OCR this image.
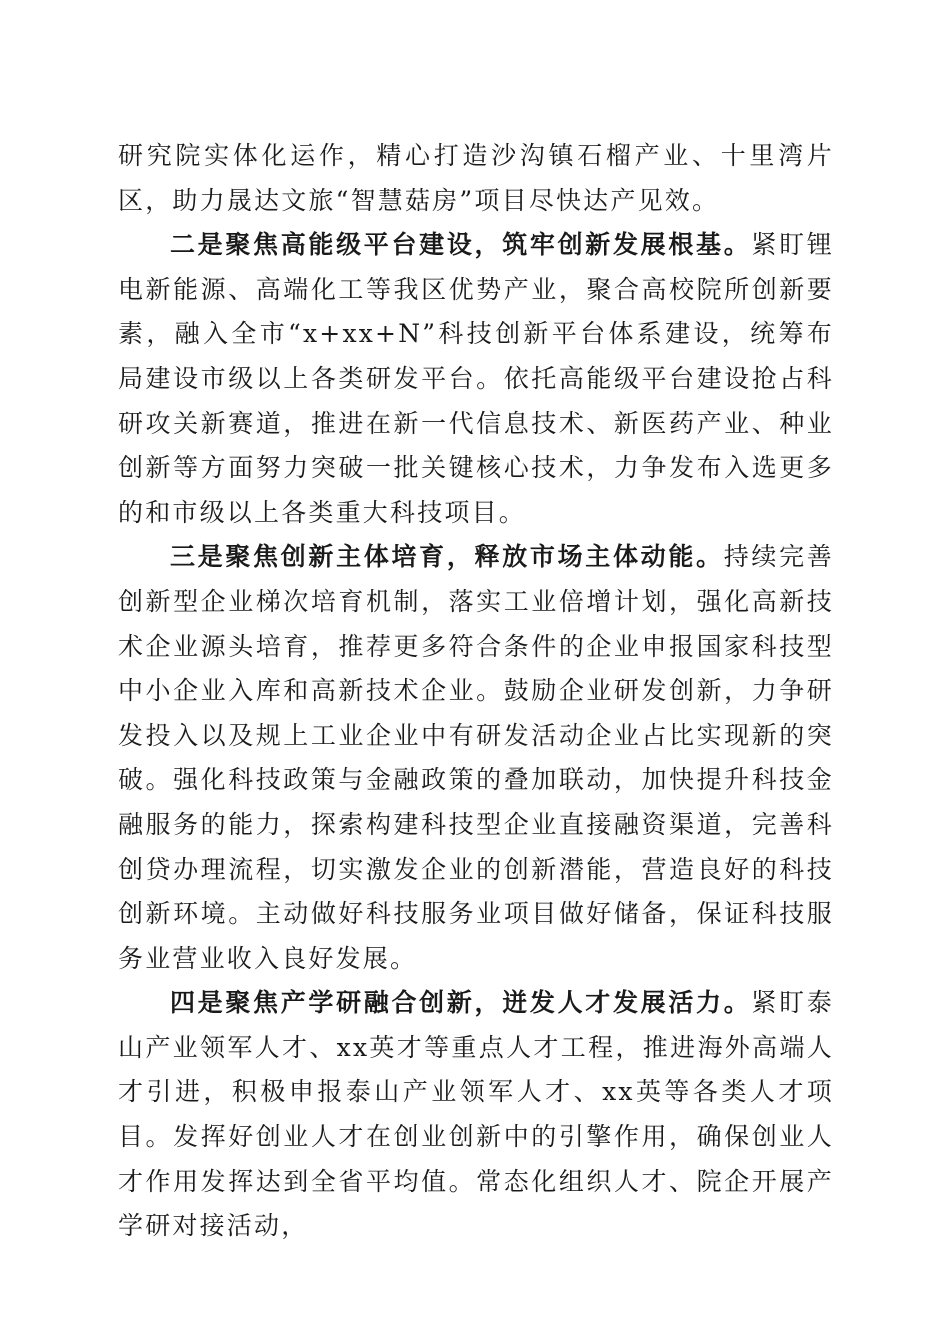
研究院实体化运作，精心打造沙沟镇石榴产业、十里湾片区，助力晟达文旅“智慧菇房”项目尽快达产见效。

二是聚焦高能级平台建设，筑牢创新发展根基。紧盯锂电新能源、高端化工等我区优势产业，聚合高校院所创新要素，融入全市“x+xx+N”科技创新平台体系建设，统筹布局建设市级以上各类研发平台。依托高能级平台建设抢占科研攻关新赛道，推进在新一代信息技术、新医药产业、种业创新等方面努力突破一批关键核心技术，力争发布入选更多的和市级以上各类重大科技项目。

三是聚焦创新主体培育，释放市场主体动能。持续完善创新型企业梯次培育机制，落实工业倍增计划，强化高新技术企业源头培育，推荐更多符合条件的企业申报国家科技型中小企业入库和高新技术企业。鼓励企业研发创新，力争研发投入以及规上工业企业中有研发活动企业占比实现新的突破。强化科技政策与金融政策的叠加联动，加快提升科技金融服务的能力，探索构建科技型企业直接融资渠道，完善科创贷办理流程，切实激发企业的创新潜能，营造良好的科技创新环境。主动做好科技服务业项目做好储备，保证科技服务业营业收入良好发展。

四是聚焦产学研融合创新，迸发人才发展活力。紧盯泰山产业领军人才、xx英才等重点人才工程，推进海外高端人才引进，积极申报泰山产业领军人才、xx英等各类人才项目。发挥好创业人才在创业创新中的引擎作用，确保创业人才作用发挥达到全省平均值。常态化组织人才、院企开展产学研对接活动，
